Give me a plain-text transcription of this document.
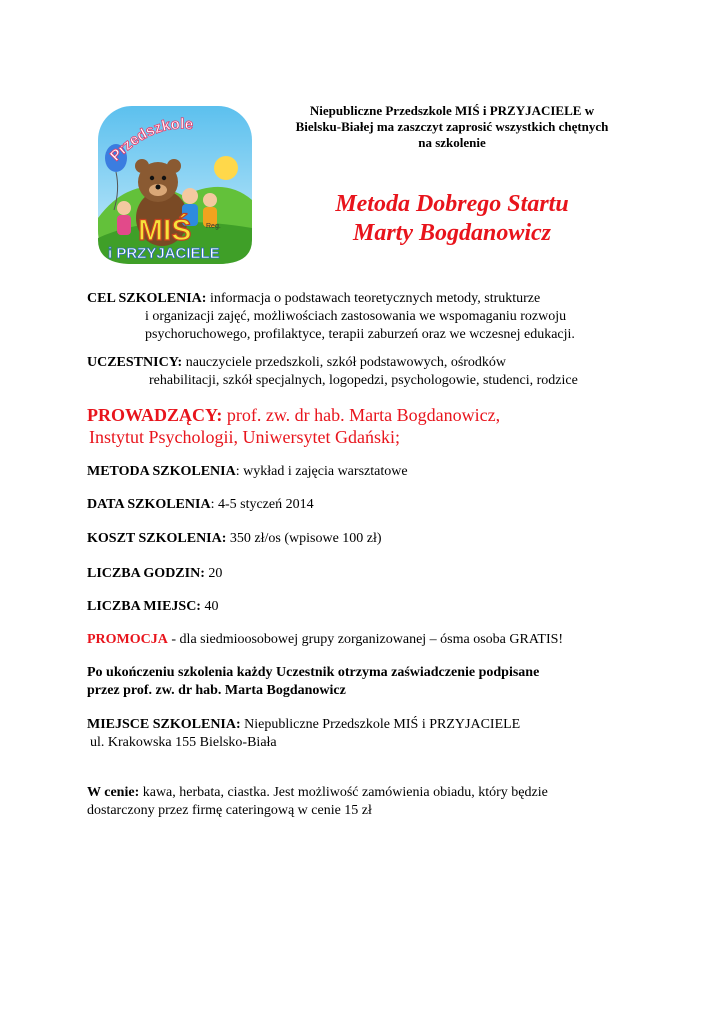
Przedszkole
MIŚ Reg.
i PRZYJACIELE
Niepubliczne Przedszkole MIŚ i PRZYJACIELE w
Bielsku-Białej ma zaszczyt zaprosić wszystkich chętnych
na szkolenie
Metoda Dobrego Startu
Marty Bogdanowicz
CEL SZKOLENIA: informacja o podstawach teoretycznych metody, strukturze
i organizacji zajęć, możliwościach zastosowania we wspomaganiu rozwoju
psychoruchowego, profilaktyce, terapii zaburzeń oraz we wczesnej edukacji.
UCZESTNICY: nauczyciele przedszkoli, szkół podstawowych, ośrodków
rehabilitacji, szkół specjalnych, logopedzi, psychologowie, studenci, rodzice
PROWADZĄCY: prof. zw. dr hab. Marta Bogdanowicz,
Instytut Psychologii, Uniwersytet Gdański;
METODA SZKOLENIA: wykład i zajęcia warsztatowe
DATA SZKOLENIA: 4-5 styczeń 2014
KOSZT SZKOLENIA: 350 zł/os (wpisowe 100 zł)
LICZBA GODZIN: 20
LICZBA MIEJSC: 40
PROMOCJA - dla siedmioosobowej grupy zorganizowanej – ósma osoba GRATIS!
Po ukończeniu szkolenia każdy Uczestnik otrzyma zaświadczenie podpisane
przez prof. zw. dr hab. Marta Bogdanowicz
MIEJSCE SZKOLENIA: Niepubliczne Przedszkole MIŚ i PRZYJACIELE
ul. Krakowska 155 Bielsko-Biała
W cenie: kawa, herbata, ciastka. Jest możliwość zamówienia obiadu, który będzie
dostarczony przez firmę cateringową w cenie 15 zł
